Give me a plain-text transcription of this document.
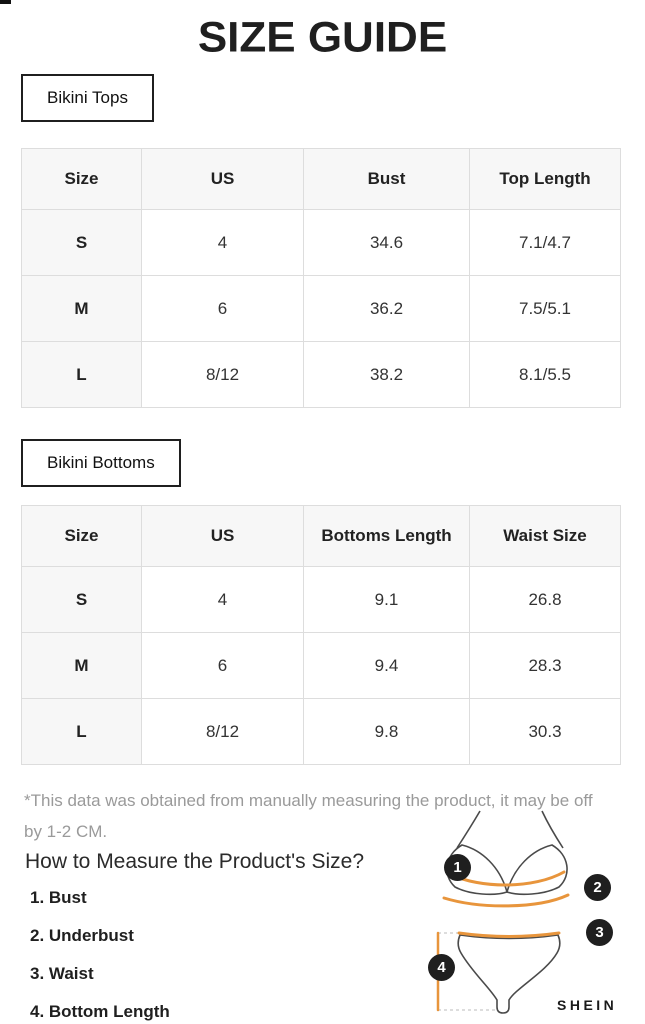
SIZE GUIDE
Bikini Tops
Size	US	Bust	Top Length
S	4	34.6	7.1/4.7
M	6	36.2	7.5/5.1
L	8/12	38.2	8.1/5.5
Bikini Bottoms
Size	US	Bottoms Length	Waist Size
S	4	9.1	26.8
M	6	9.4	28.3
L	8/12	9.8	30.3

*This data was obtained from manually measuring the product, it may be off by 1-2 CM.

How to Measure the Product's Size?
1. Bust
2. Underbust
3. Waist
4. Bottom Length
1
2
3
4
SHEIN
